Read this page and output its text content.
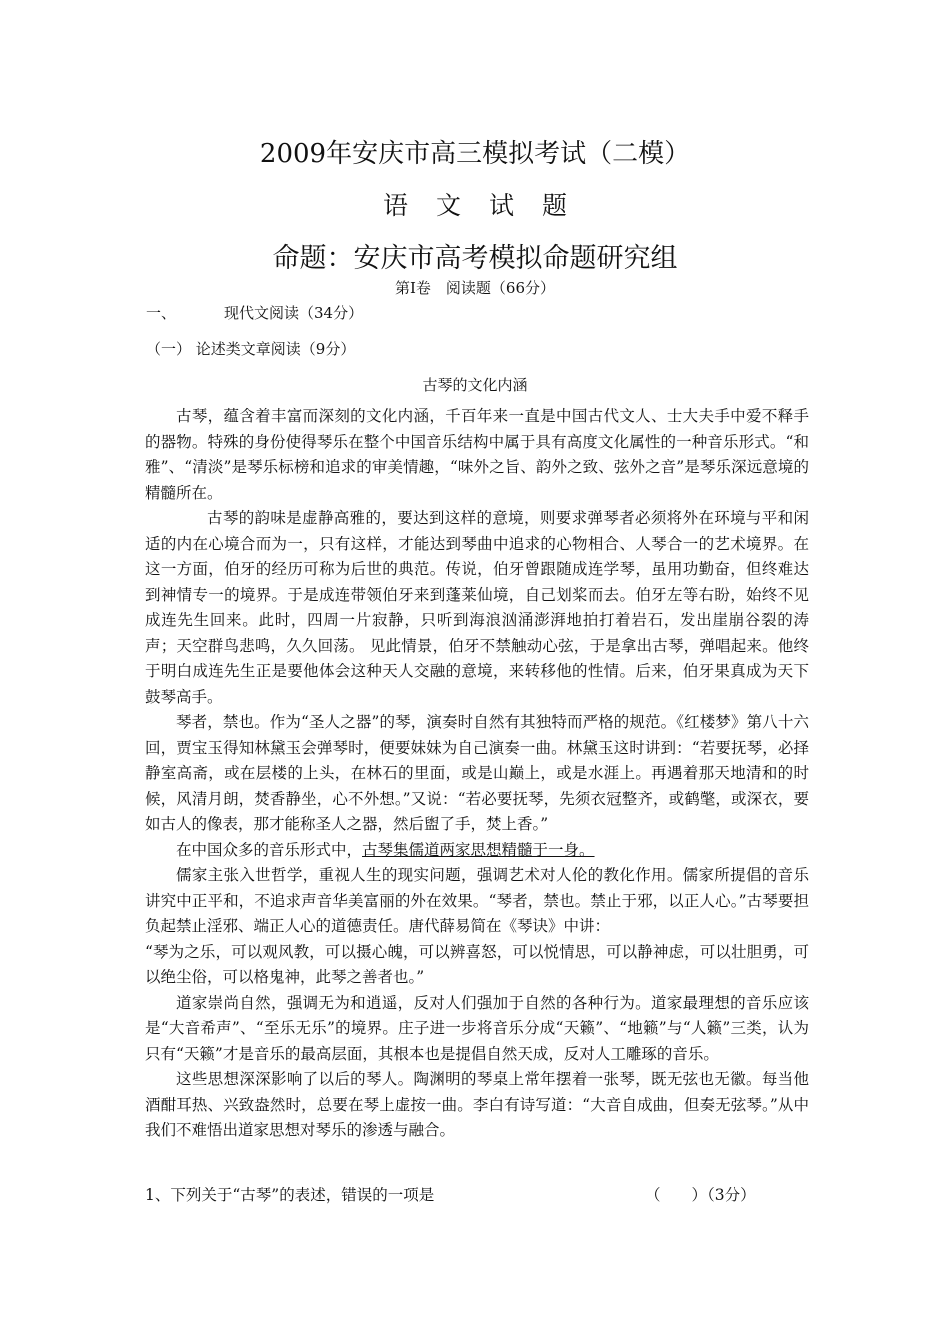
2009年安庆市高三模拟考试（二模）
语 文 试 题
命题：安庆市高考模拟命题研究组
第Ⅰ卷　阅读题（66分）
一、	现代文阅读（34分）
（一） 论述类文章阅读（9分）
古琴的文化内涵

古琴，蕴含着丰富而深刻的文化内涵，千百年来一直是中国古代文人、士大夫手中爱不释手的器物。特殊的身份使得琴乐在整个中国音乐结构中属于具有高度文化属性的一种音乐形式。“和雅”、“清淡”是琴乐标榜和追求的审美情趣，“味外之旨、韵外之致、弦外之音”是琴乐深远意境的精髓所在。

古琴的韵味是虚静高雅的，要达到这样的意境，则要求弹琴者必须将外在环境与平和闲适的内在心境合而为一，只有这样，才能达到琴曲中追求的心物相合、人琴合一的艺术境界。在这一方面，伯牙的经历可称为后世的典范。传说，伯牙曾跟随成连学琴，虽用功勤奋，但终难达到神情专一的境界。于是成连带领伯牙来到蓬莱仙境，自己划桨而去。伯牙左等右盼，始终不见成连先生回来。此时，四周一片寂静，只听到海浪汹涌澎湃地拍打着岩石，发出崖崩谷裂的涛声；天空群鸟悲鸣，久久回荡。 见此情景，伯牙不禁触动心弦，于是拿出古琴，弹唱起来。他终于明白成连先生正是要他体会这种天人交融的意境，来转移他的性情。后来，伯牙果真成为天下鼓琴高手。

琴者，禁也。作为“圣人之器”的琴，演奏时自然有其独特而严格的规范。《红楼梦》第八十六回，贾宝玉得知林黛玉会弹琴时，便要妹妹为自己演奏一曲。林黛玉这时讲到：“若要抚琴，必择静室高斋，或在层楼的上头，在林石的里面，或是山巅上，或是水涯上。再遇着那天地清和的时候，风清月朗，焚香静坐，心不外想。”又说：“若必要抚琴，先须衣冠整齐，或鹤氅，或深衣，要如古人的像表，那才能称圣人之器，然后盥了手，焚上香。”

在中国众多的音乐形式中，古琴集儒道两家思想精髓于一身。

儒家主张入世哲学，重视人生的现实问题，强调艺术对人伦的教化作用。儒家所提倡的音乐讲究中正平和，不追求声音华美富丽的外在效果。“琴者，禁也。禁止于邪，以正人心。”古琴要担负起禁止淫邪、端正人心的道德责任。唐代薛易简在《琴诀》中讲：

“琴为之乐，可以观风教，可以摄心魄，可以辨喜怒，可以悦情思，可以静神虑，可以壮胆勇，可以绝尘俗，可以格鬼神，此琴之善者也。”

道家崇尚自然，强调无为和逍遥，反对人们强加于自然的各种行为。道家最理想的音乐应该是“大音希声”、“至乐无乐”的境界。庄子进一步将音乐分成“天籁”、“地籁”与“人籁”三类，认为只有“天籁”才是音乐的最高层面，其根本也是提倡自然天成，反对人工雕琢的音乐。

这些思想深深影响了以后的琴人。陶渊明的琴桌上常年摆着一张琴，既无弦也无徽。每当他酒酣耳热、兴致盎然时，总要在琴上虚按一曲。李白有诗写道：“大音自成曲，但奏无弦琴。”从中我们不难悟出道家思想对琴乐的渗透与融合。

1、下列关于“古琴”的表述，错误的一项是	（　　）（3分）
